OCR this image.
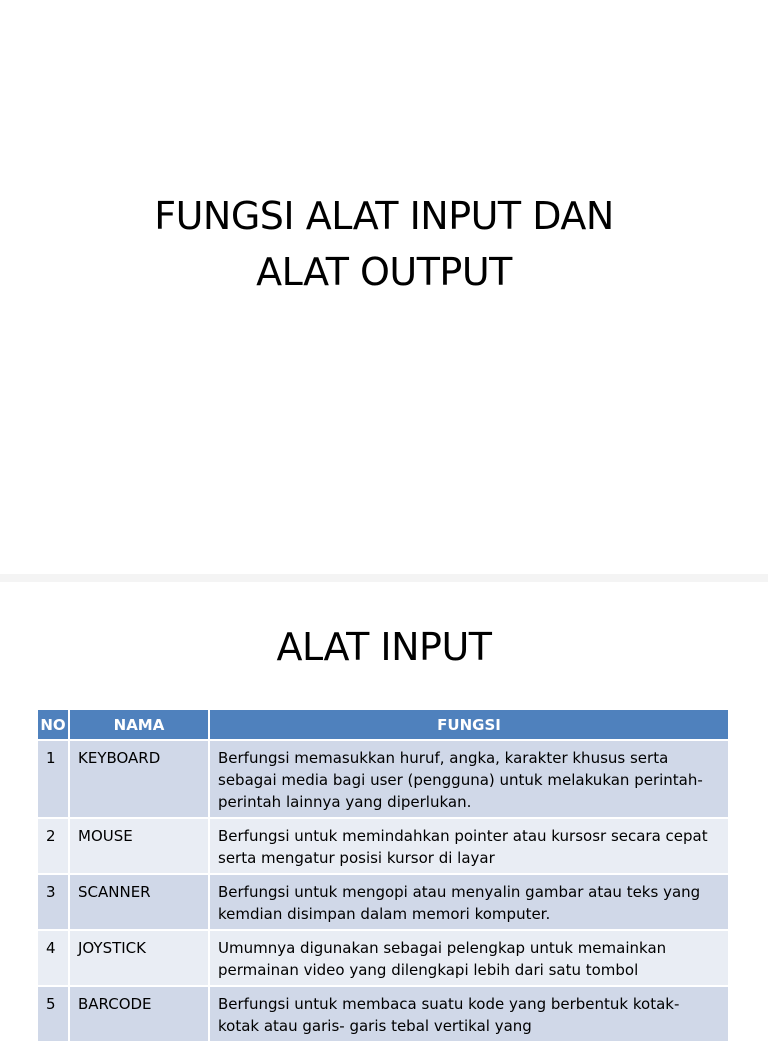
FUNGSI ALAT INPUT DAN
ALAT OUTPUT
ALAT INPUT
NO	NAMA	FUNGSI
1	KEYBOARD	Berfungsi memasukkan huruf, angka, karakter khusus serta sebagai media bagi user (pengguna) untuk melakukan perintah-perintah lainnya yang diperlukan.
2	MOUSE	Berfungsi untuk memindahkan pointer atau kursosr secara cepat serta mengatur posisi kursor di layar
3	SCANNER	Berfungsi untuk mengopi atau menyalin gambar atau teks yang kemdian disimpan dalam memori komputer.
4	JOYSTICK	Umumnya digunakan sebagai pelengkap untuk memainkan permainan video yang dilengkapi lebih dari satu tombol
5	BARCODE	Berfungsi untuk membaca suatu kode yang berbentuk kotak-kotak atau garis- garis tebal vertikal yang
